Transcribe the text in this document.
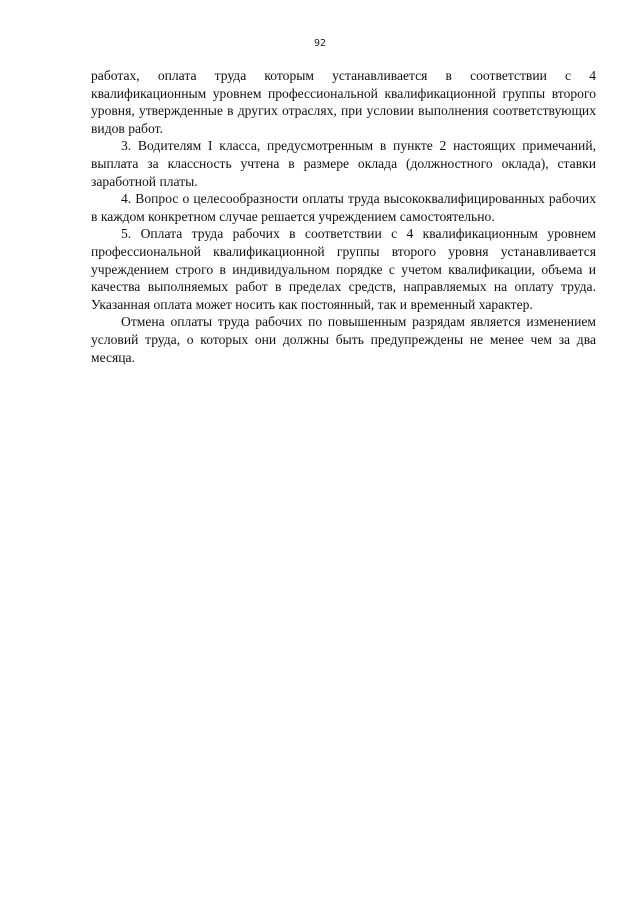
92

работах, оплата труда которым устанавливается в соответствии с 4 квалификационным уровнем профессиональной квалификационной группы второго уровня, утвержденные в других отраслях, при условии выполнения соответствующих видов работ.

3. Водителям I класса, предусмотренным в пункте 2 настоящих примечаний, выплата за классность учтена в размере оклада (должностного оклада), ставки заработной платы.

4. Вопрос о целесообразности оплаты труда высококвалифицированных рабочих в каждом конкретном случае решается учреждением самостоятельно.

5. Оплата труда рабочих в соответствии с 4 квалификационным уровнем профессиональной квалификационной группы второго уровня устанавливается учреждением строго в индивидуальном порядке с учетом квалификации, объема и качества выполняемых работ в пределах средств, направляемых на оплату труда. Указанная оплата может носить как постоянный, так и временный характер.

Отмена оплаты труда рабочих по повышенным разрядам является изменением условий труда, о которых они должны быть предупреждены не менее чем за два месяца.
